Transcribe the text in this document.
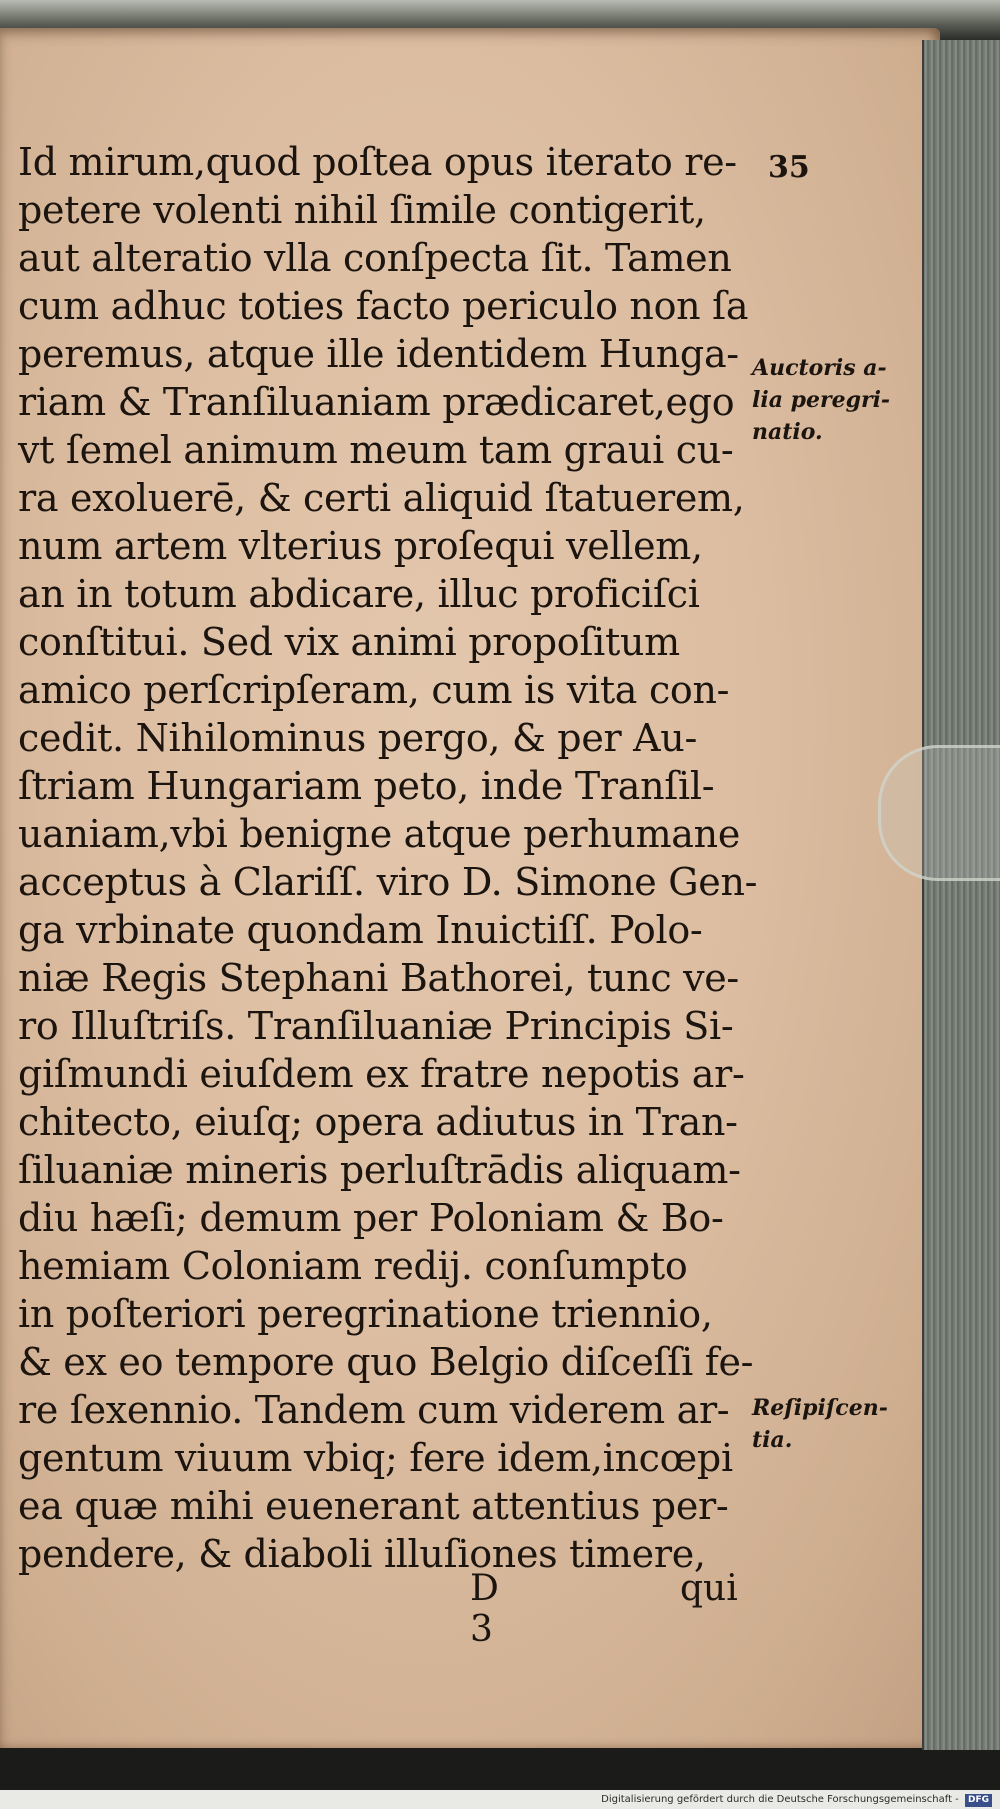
35
Id mirum,quod poſtea opus iterato re-
petere volenti nihil ſimile contigerit,
aut alteratio vlla conſpecta ſit. Tamen
cum adhuc toties facto periculo non ſa
peremus, atque ille identidem Hunga-
riam & Tranſiluaniam prædicaret,ego
vt ſemel animum meum tam graui cu-
ra exoluerē, & certi aliquid ſtatuerem,
num artem vlterius proſequi vellem,
an in totum abdicare, illuc proficiſci
conſtitui. Sed vix animi propoſitum
amico perſcripſeram, cum is vita con-
cedit. Nihilominus pergo, & per Au-
ſtriam Hungariam peto, inde Tranſil-
uaniam,vbi benigne atque perhumane
acceptus à Clariſſ. viro D. Simone Gen-
ga vrbinate quondam Inuictiſſ. Polo-
niæ Regis Stephani Bathorei, tunc ve-
ro Illuſtriſs. Tranſiluaniæ Principis Si-
giſmundi eiuſdem ex fratre nepotis ar-
chitecto, eiuſq; opera adiutus in Tran-
ſiluaniæ mineris perluſtrādis aliquam-
diu hæſi; demum per Poloniam & Bo-
hemiam Coloniam redij. conſumpto
in poſteriori peregrinatione triennio,
& ex eo tempore quo Belgio diſceſſi fe-
re ſexennio. Tandem cum viderem ar-
gentum viuum vbiq; fere idem,incœpi
ea quæ mihi euenerant attentius per-
pendere, & diaboli illuſiones timere,
D 3
qui
Auctoris a-
lia peregri-
natio.
Reſipiſcen-
tia.
Digitalisierung gefördert durch die Deutsche Forschungsgemeinschaft - DFG
